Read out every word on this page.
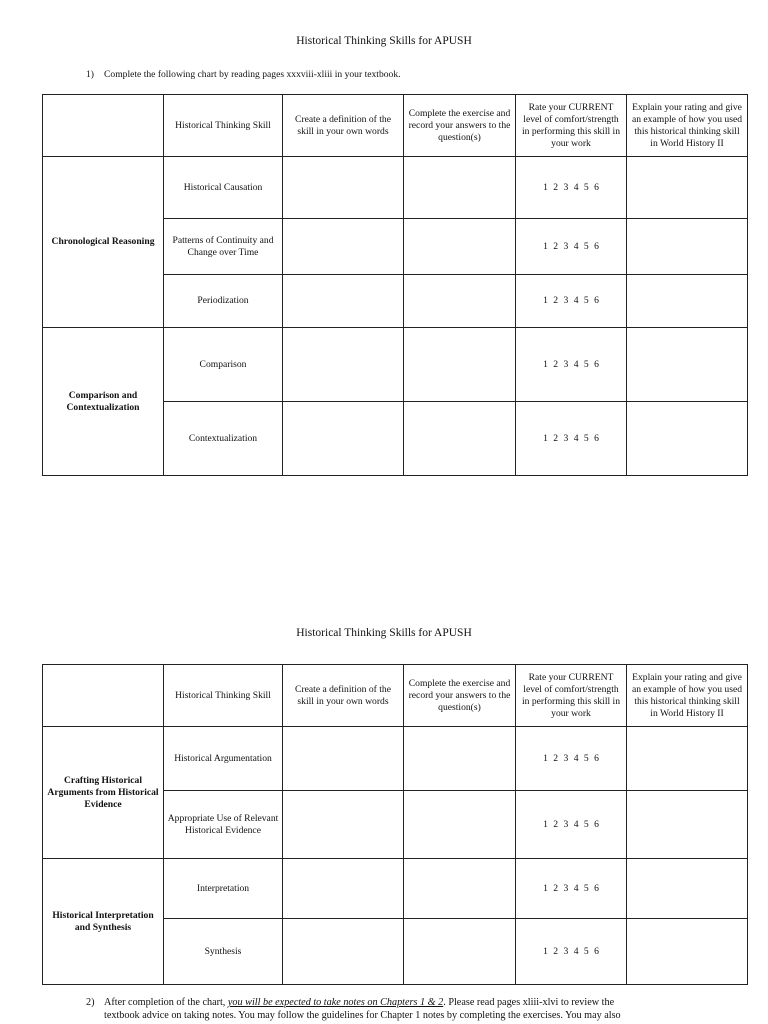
Historical Thinking Skills for APUSH
1) Complete the following chart by reading pages xxxviii-xliii in your textbook.
	Historical Thinking Skill	Create a definition of the skill in your own words	Complete the exercise and record your answers to the question(s)	Rate your CURRENT level of comfort/strength in performing this skill in your work	Explain your rating and give an example of how you used this historical thinking skill in World History II
Chronological Reasoning	Historical Causation			1 2 3 4 5 6	
	Patterns of Continuity and Change over Time			1 2 3 4 5 6	
	Periodization			1 2 3 4 5 6	
Comparison and Contextualization	Comparison			1 2 3 4 5 6	
	Contextualization			1 2 3 4 5 6	
Historical Thinking Skills for APUSH
	Historical Thinking Skill	Create a definition of the skill in your own words	Complete the exercise and record your answers to the question(s)	Rate your CURRENT level of comfort/strength in performing this skill in your work	Explain your rating and give an example of how you used this historical thinking skill in World History II
Crafting Historical Arguments from Historical Evidence	Historical Argumentation			1 2 3 4 5 6	
	Appropriate Use of Relevant Historical Evidence			1 2 3 4 5 6	
Historical Interpretation and Synthesis	Interpretation			1 2 3 4 5 6	
	Synthesis			1 2 3 4 5 6	
2) After completion of the chart, you will be expected to take notes on Chapters 1 & 2. Please read pages xliii-xlvi to review the
textbook advice on taking notes. You may follow the guidelines for Chapter 1 notes by completing the exercises. You may also
